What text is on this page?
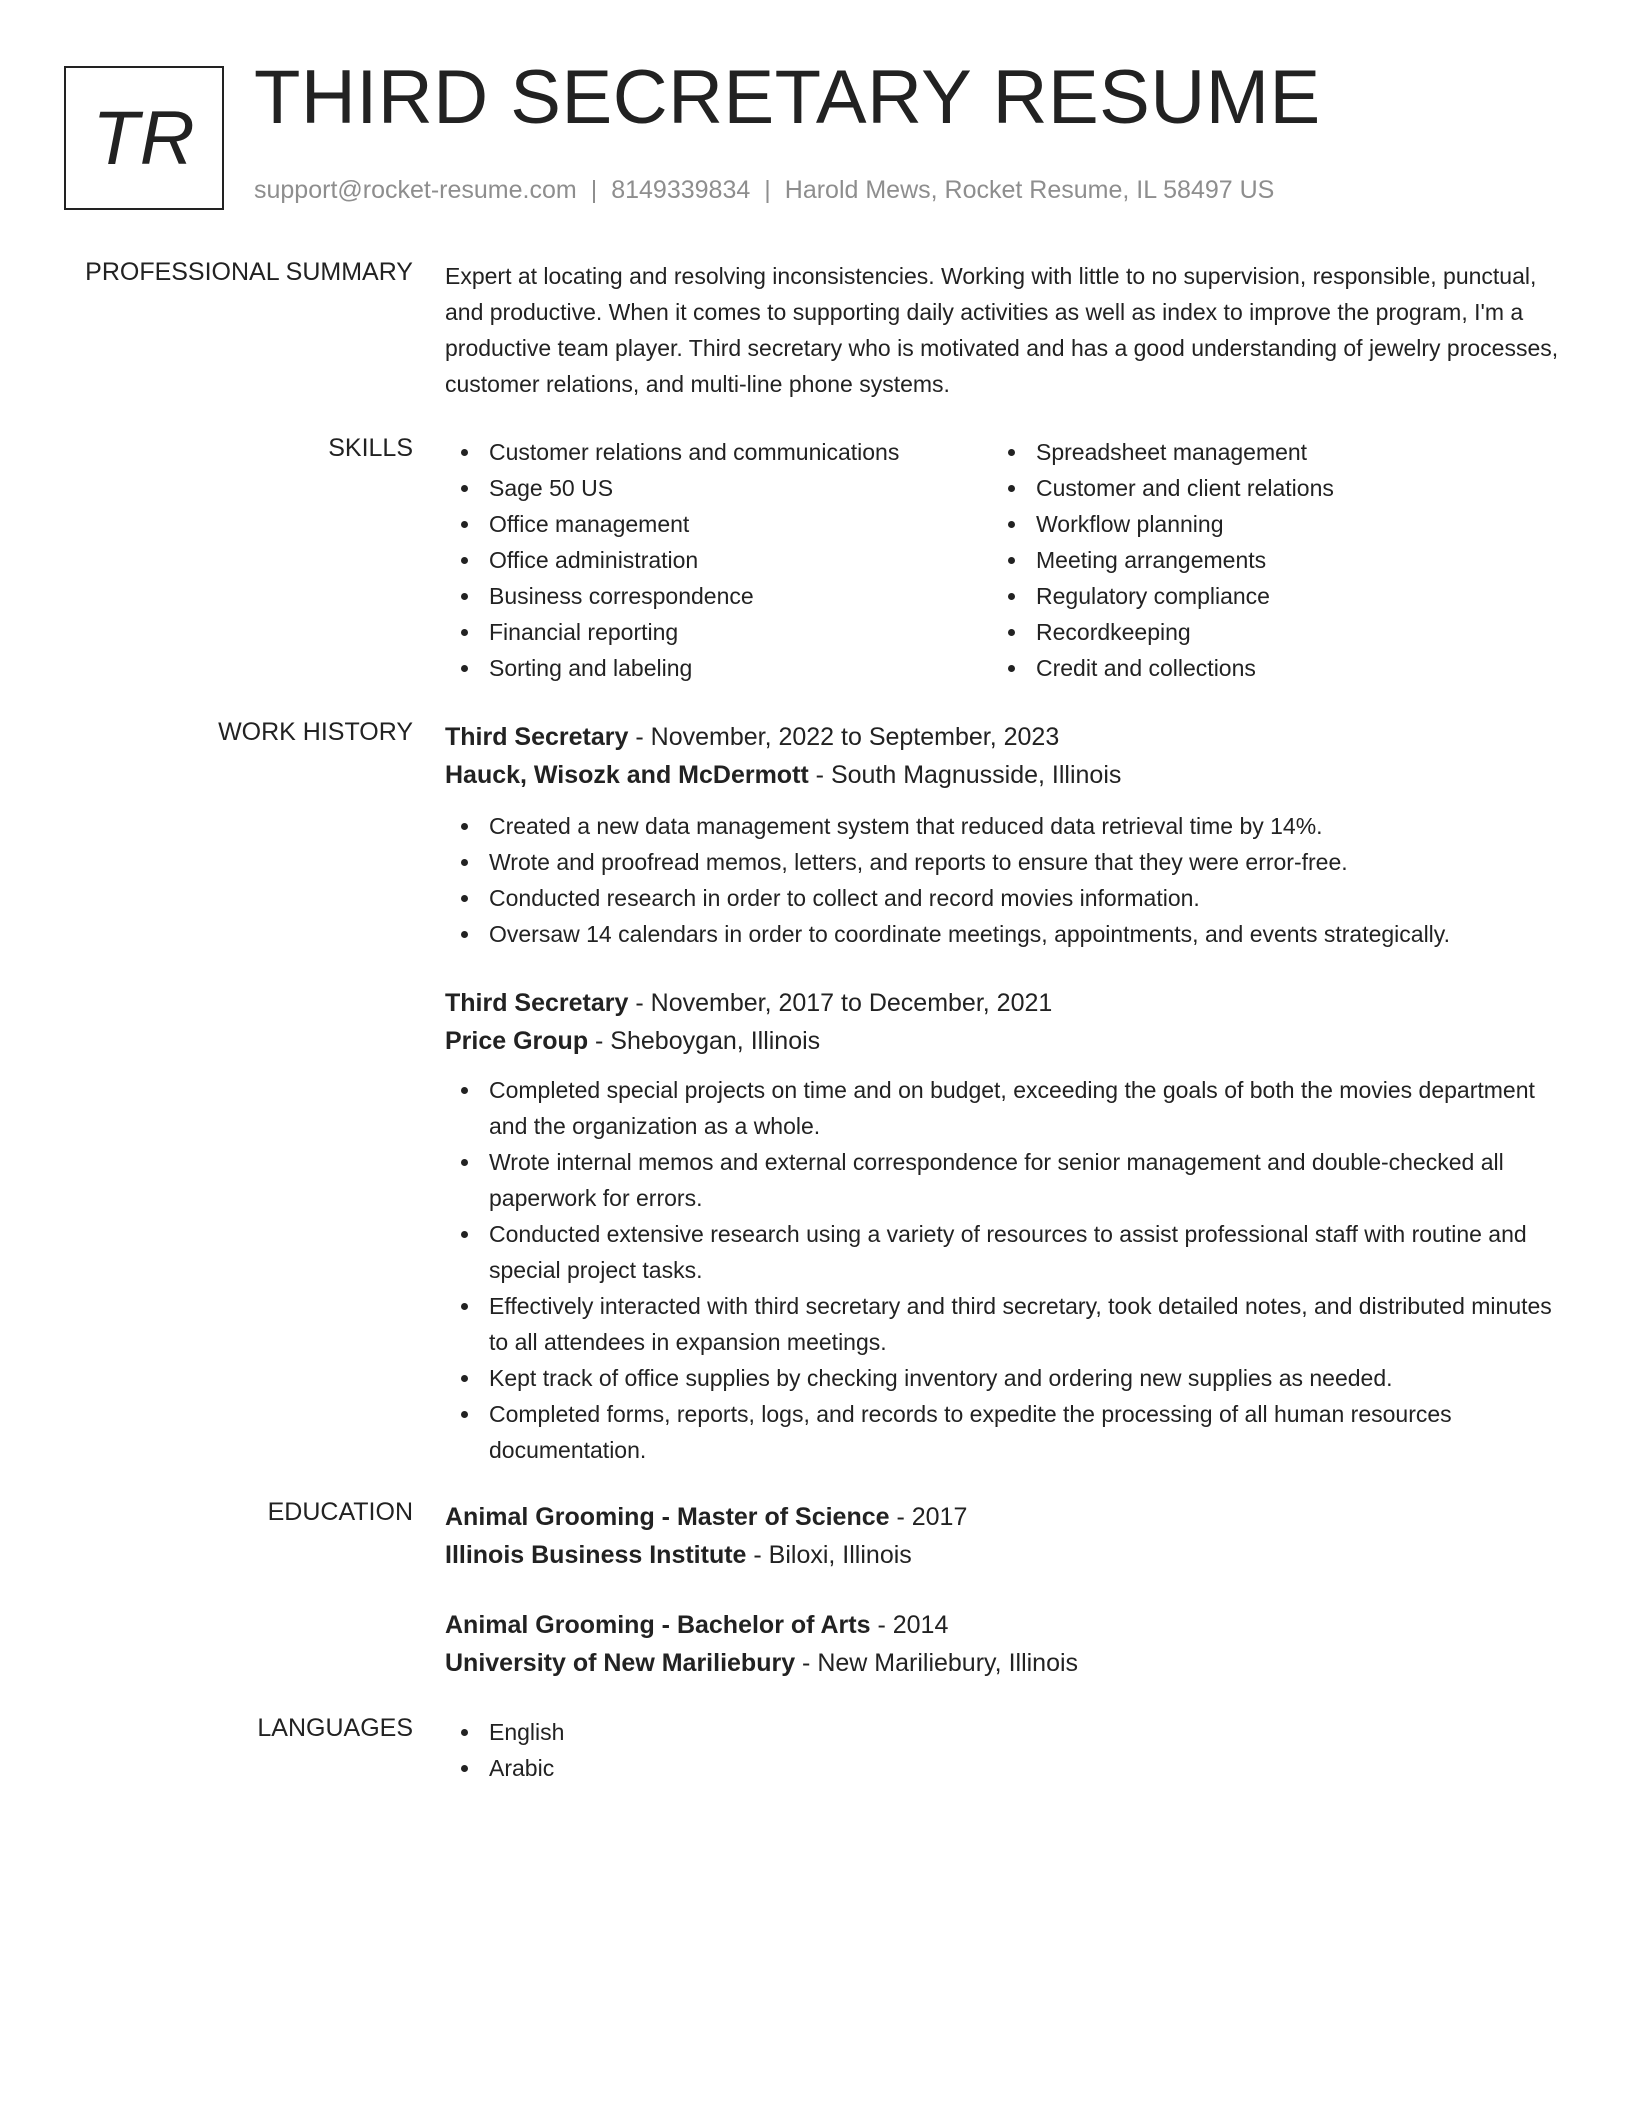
TR THIRD SECRETARY RESUME
support@rocket-resume.com | 8149339834 | Harold Mews, Rocket Resume, IL 58497 US
PROFESSIONAL SUMMARY Expert at locating and resolving inconsistencies. Working with little to no supervision, responsible, punctual, and productive. When it comes to supporting daily activities as well as index to improve the program, I'm a productive team player. Third secretary who is motivated and has a good understanding of jewelry processes, customer relations, and multi-line phone systems.
SKILLS	Customer relations and communications
Sage 50 US
Office management
Office administration
Business correspondence
Financial reporting
Sorting and labeling
Spreadsheet management
Customer and client relations
Workflow planning
Meeting arrangements
Regulatory compliance
Recordkeeping
Credit and collections
WORK HISTORY Third Secretary - November, 2022 to September, 2023
Hauck, Wisozk and McDermott - South Magnusside, Illinois
Created a new data management system that reduced data retrieval time by 14%.
Wrote and proofread memos, letters, and reports to ensure that they were error-free.
Conducted research in order to collect and record movies information.
Oversaw 14 calendars in order to coordinate meetings, appointments, and events strategically.
Third Secretary - November, 2017 to December, 2021
Price Group - Sheboygan, Illinois
Completed special projects on time and on budget, exceeding the goals of both the movies department and the organization as a whole.
Wrote internal memos and external correspondence for senior management and double-checked all paperwork for errors.
Conducted extensive research using a variety of resources to assist professional staff with routine and special project tasks.
Effectively interacted with third secretary and third secretary, took detailed notes, and distributed minutes to all attendees in expansion meetings.
Kept track of office supplies by checking inventory and ordering new supplies as needed.
Completed forms, reports, logs, and records to expedite the processing of all human resources documentation.
EDUCATION Animal Grooming - Master of Science - 2017
Illinois Business Institute - Biloxi, Illinois
Animal Grooming - Bachelor of Arts - 2014
University of New Mariliebury - New Mariliebury, Illinois
LANGUAGES	English
Arabic
